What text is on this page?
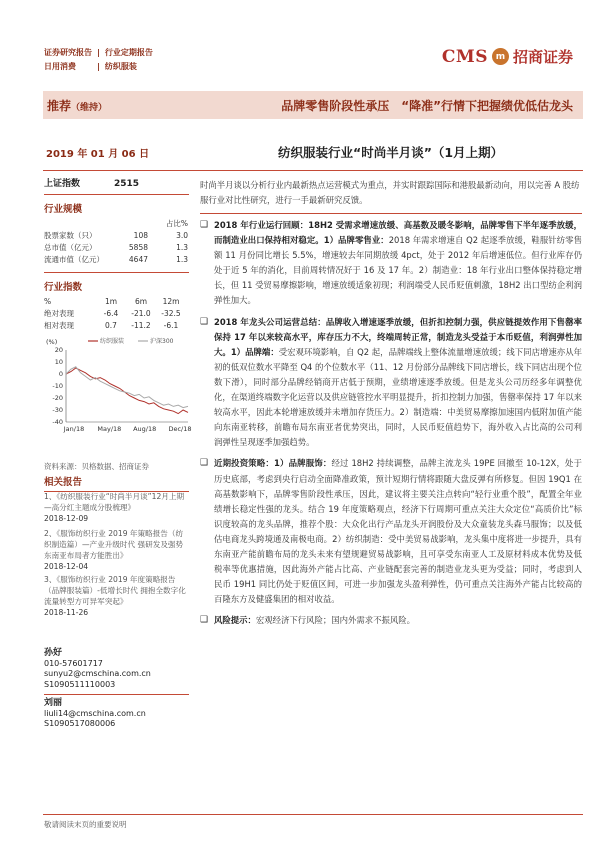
证券研究报告 | 行业定期报告
日用消费	| 纺织服装	CMS m 招商证券
推荐（维持）	品牌零售阶段性承压　“降准”行情下把握绩优低估龙头
2019 年 01 月 06 日	纺织服装行业“时尚半月谈”（1月上期）
上证指数	2515
行业规模
占比%
股票家数（只）	108	3.0
总市值（亿元）	5858	1.3
流通市值（亿元）	4647	1.3
行业指数
%	1m	6m	12m
绝对表现	-6.4	-21.0	-32.5
相对表现	0.7	-11.2	-6.1
(%)
20
10
0
-10
-20
-30
-40
Jan/18 May/18 Aug/18 Dec/18
纺织服装	沪深300
资料来源：贝格数据、招商证券
相关报告
1、《纺织服装行业“时尚半月谈”12月上期—高分红主题成分股梳理》
2018-12-09
2、《服饰纺织行业 2019 年策略报告（纺织制造篇）—产业升级时代 强研发及强势东南亚布局者方能胜出》
2018-12-04
3、《服饰纺织行业 2019 年度策略报告（品牌服装篇）-低增长时代 拥抱全数字化流量转型方可异军突起》
2018-11-26
孙好
010-57601717
sunyu2@cmschina.com.cn
S1090511110003
刘丽
liuli14@cmschina.com.cn
S1090517080006
时尚半月谈以分析行业内最新热点运营模式为重点，并实时跟踪国际和港股最新动向，用以完善 A 股纺服行业对比性研究，进行一手最新研究反馈。
❑ 2018 年行业运行回顾：18H2 受需求增速放缓、高基数及暖冬影响，品牌零售下半年逐季放缓，而制造业出口保持相对稳定。1）品牌零售业：2018 年需求增速自 Q2 起逐季放缓，鞋服针纺零售额 11 月份同比增长 5.5%，增速较去年同期放缓 4pct，处于 2012 年后增速低位。但行业库存仍处于近 5 年的消化，目前周转情况好于 16 及 17 年。2）制造业：18 年行业出口整体保持稳定增长，但 11 受贸易摩擦影响，增速放缓适象初现；利润端受人民币贬值刺激，18H2 出口型纺企利润弹性加大。
❑ 2018 年龙头公司运营总结：品牌收入增速逐季放缓，但折扣控制力强，供应链提效作用下售罄率保持 17 年以来较高水平，库存压力不大，终端周转正常，制造龙头受益于本币贬值，利润弹性加大。1）品牌端：受宏观环境影响，自 Q2 起，品牌端线上整体流量增速放缓；线下同店增速亦从年初的低双位数水平降至 Q4 的个位数水平（11、12 月份部分品牌线下同店增长，线下同店出现个位数下滑），同时部分品牌经销商开店低于预期，业绩增速逐季放缓。但是龙头公司历经多年调整优化，在渠道终端数字化运营以及供应链管控水平明显提升，折扣控制力加强，售罄率保持 17 年以来较高水平，因此本轮增速放缓并未增加存货压力。2）制造端：中美贸易摩擦加速国内低附加值产能向东南亚转移，前瞻布局东南亚者优势突出，同时，人民币贬值趋势下，海外收入占比高的公司利润弹性呈现逐季加强趋势。
❑ 近期投资策略：1）品牌服饰：经过 18H2 持续调整，品牌主流龙头 19PE 回撤至 10-12X，处于历史底部，考虑到央行启动全面降准政策，预计短期行情将跟随大盘反弹有所修复。但因 19Q1 在高基数影响下，品牌零售阶段性承压，因此，建议将主要关注点转向“轻行业重个股”，配置全年业绩增长稳定性强的龙头。结合 19 年度策略观点，经济下行周期可重点关注大众定位“高质价比”标识度较高的龙头品牌，推荐个股：大众化出行产品龙头开润股份及大众童装龙头森马服饰；以及低估电商龙头跨境通及南极电商。2）纺织制造：受中美贸易战影响，龙头集中度将进一步提升，具有东南亚产能前瞻布局的龙头未来有望规避贸易战影响，且可享受东南亚人工及原材料成本优势及低税率等优惠措施，因此海外产能占比高、产业链配套完善的制造业龙头更为受益；同时，考虑到人民币 19H1 同比仍处于贬值区间，可进一步加强龙头盈利弹性，仍可重点关注海外产能占比较高的百隆东方及健盛集团的相对收益。
❑ 风险提示：宏观经济下行风险；国内外需求不振风险。
敬请阅读末页的重要说明
